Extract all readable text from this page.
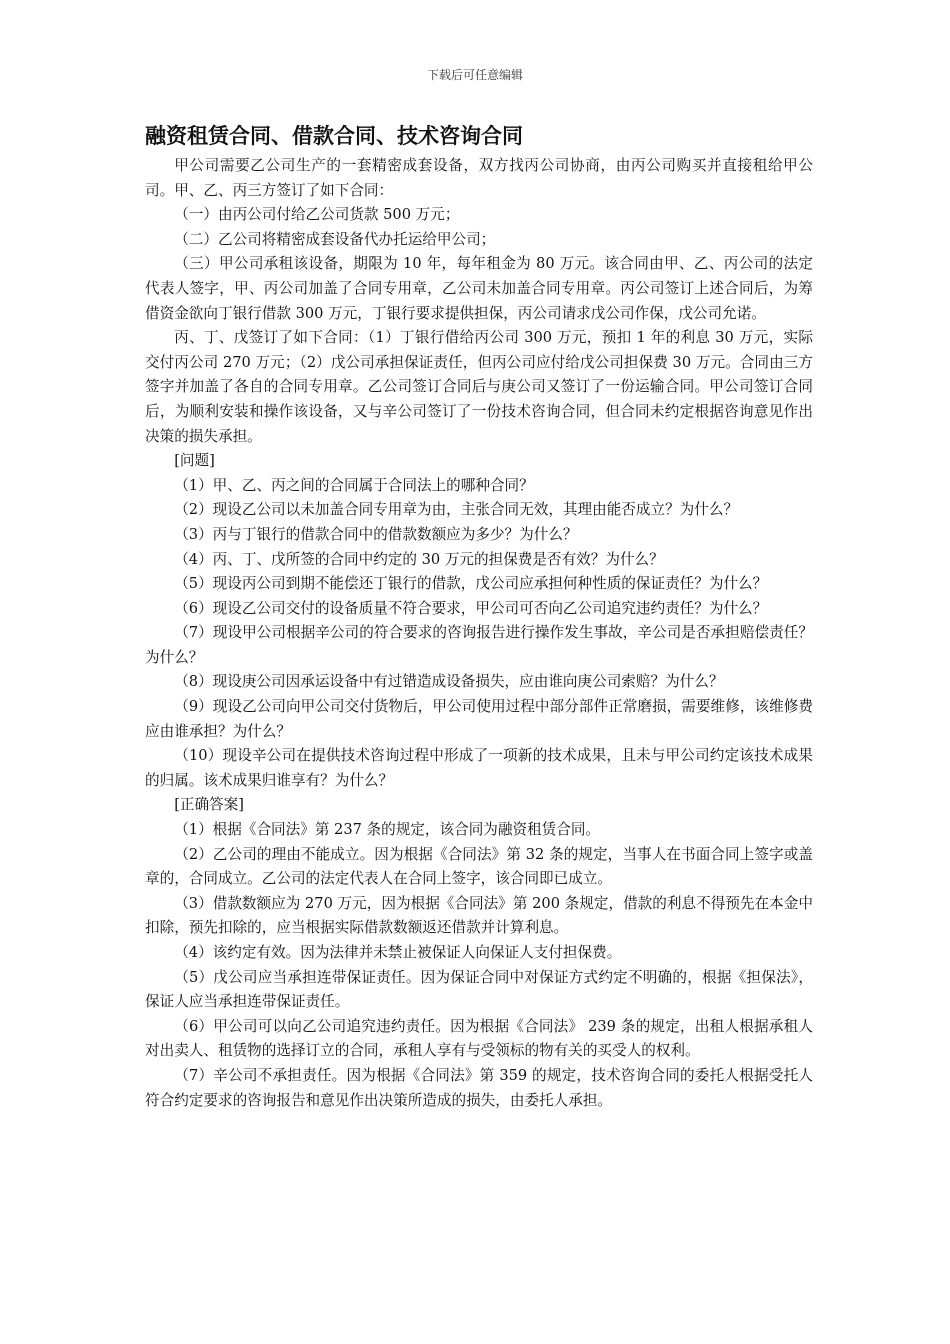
下载后可任意编辑
融资租赁合同、借款合同、技术咨询合同

甲公司需要乙公司生产的一套精密成套设备，双方找丙公司协商，由丙公司购买并直接租给甲公司。甲、乙、丙三方签订了如下合同：

（一）由丙公司付给乙公司货款 500 万元；

（二）乙公司将精密成套设备代办托运给甲公司；

（三）甲公司承租该设备，期限为 10 年，每年租金为 80 万元。该合同由甲、乙、丙公司的法定代表人签字，甲、丙公司加盖了合同专用章，乙公司未加盖合同专用章。丙公司签订上述合同后，为筹借资金欲向丁银行借款 300 万元，丁银行要求提供担保，丙公司请求戊公司作保，戊公司允诺。

丙、丁、戊签订了如下合同：（1）丁银行借给丙公司 300 万元，预扣 1 年的利息 30 万元，实际交付丙公司 270 万元；（2）戊公司承担保证责任，但丙公司应付给戊公司担保费 30 万元。合同由三方签字并加盖了各自的合同专用章。乙公司签订合同后与庚公司又签订了一份运输合同。甲公司签订合同后，为顺利安装和操作该设备，又与辛公司签订了一份技术咨询合同，但合同未约定根据咨询意见作出决策的损失承担。

[问题]

（1）甲、乙、丙之间的合同属于合同法上的哪种合同？

（2）现设乙公司以未加盖合同专用章为由，主张合同无效，其理由能否成立？为什么？

（3）丙与丁银行的借款合同中的借款数额应为多少？为什么？

（4）丙、丁、戊所签的合同中约定的 30 万元的担保费是否有效？为什么？

（5）现设丙公司到期不能偿还丁银行的借款，戊公司应承担何种性质的保证责任？为什么？

（6）现设乙公司交付的设备质量不符合要求，甲公司可否向乙公司追究违约责任？为什么？

（7）现设甲公司根据辛公司的符合要求的咨询报告进行操作发生事故，辛公司是否承担赔偿责任？为什么？

（8）现设庚公司因承运设备中有过错造成设备损失，应由谁向庚公司索赔？为什么？

（9）现设乙公司向甲公司交付货物后，甲公司使用过程中部分部件正常磨损，需要维修，该维修费应由谁承担？为什么？

（10）现设辛公司在提供技术咨询过程中形成了一项新的技术成果，且未与甲公司约定该技术成果的归属。该术成果归谁享有？为什么？

[正确答案]

（1）根据《合同法》第 237 条的规定，该合同为融资租赁合同。

（2）乙公司的理由不能成立。因为根据《合同法》第 32 条的规定，当事人在书面合同上签字或盖章的，合同成立。乙公司的法定代表人在合同上签字，该合同即已成立。

（3）借款数额应为 270 万元，因为根据《合同法》第 200 条规定，借款的利息不得预先在本金中扣除，预先扣除的，应当根据实际借款数额返还借款并计算利息。

（4）该约定有效。因为法律并未禁止被保证人向保证人支付担保费。

（5）戊公司应当承担连带保证责任。因为保证合同中对保证方式约定不明确的，根据《担保法》，保证人应当承担连带保证责任。

（6）甲公司可以向乙公司追究违约责任。因为根据《合同法》 239 条的规定，出租人根据承租人对出卖人、租赁物的选择订立的合同，承租人享有与受领标的物有关的买受人的权利。

（7）辛公司不承担责任。因为根据《合同法》第 359 的规定，技术咨询合同的委托人根据受托人符合约定要求的咨询报告和意见作出决策所造成的损失，由委托人承担。
